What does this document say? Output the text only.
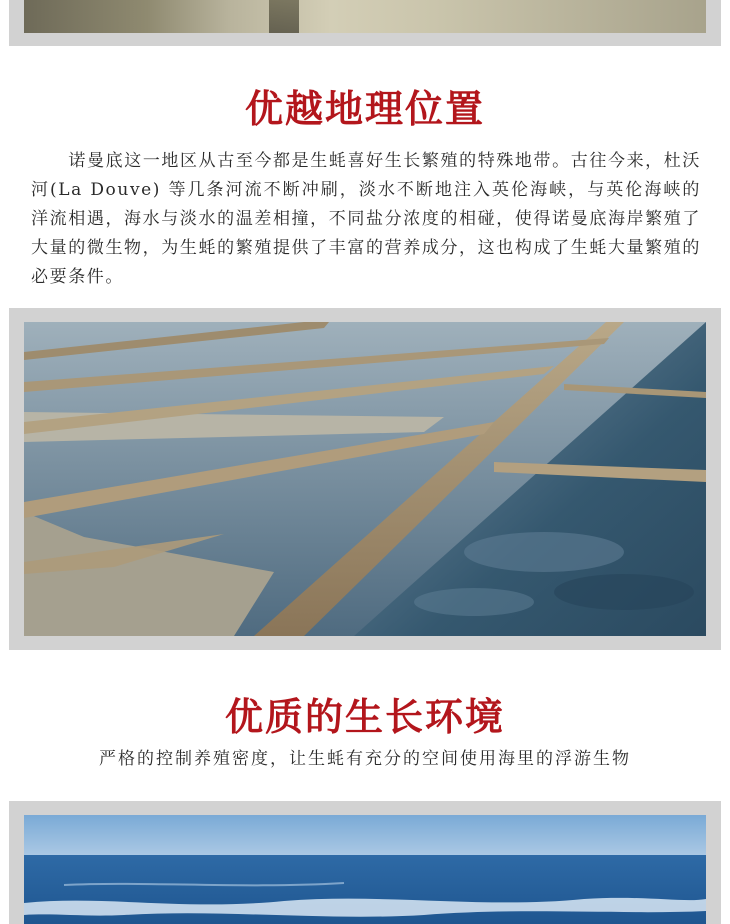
优越地理位置
诺曼底这一地区从古至今都是生蚝喜好生长繁殖的特殊地带。古往今来，杜沃河(La Douve) 等几条河流不断冲刷，淡水不断地注入英伦海峡，与英伦海峡的洋流相遇，海水与淡水的温差相撞，不同盐分浓度的相碰，使得诺曼底海岸繁殖了大量的微生物，为生蚝的繁殖提供了丰富的营养成分，这也构成了生蚝大量繁殖的必要条件。
优质的生长环境
严格的控制养殖密度，让生蚝有充分的空间使用海里的浮游生物
